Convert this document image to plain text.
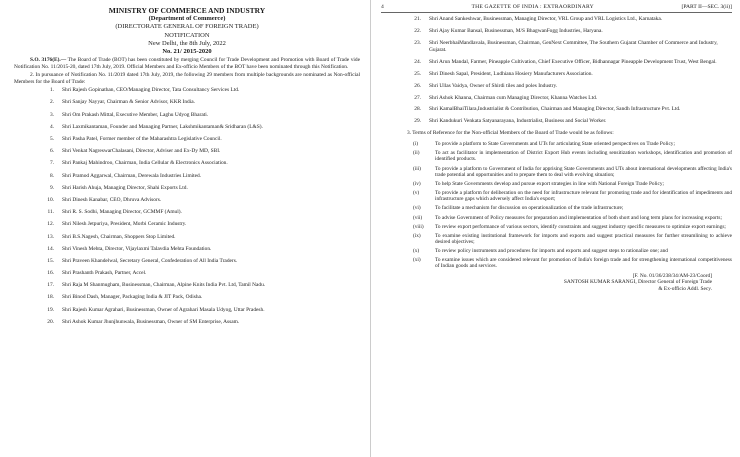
MINISTRY OF COMMERCE AND INDUSTRY
(Department of Commerce)
(DIRECTORATE GENERAL OF FOREIGN TRADE)
NOTIFICATION
New Delhi, the 8th July, 2022
No. 21/ 2015-2020
S.O. 3176(E).— The Board of Trade (BOT) has been constituted by merging Council for Trade Development and Promotion with Board of Trade vide Notification No. 11/2015-20, dated 17th July, 2019. Official Members and Ex-officio Members of the BOT have been nominated through this Notification.
2. In pursuance of Notification No. 11/2019 dated 17th July, 2019, the following 29 members from multiple backgrounds are nominated as Non-official Members for the Board of Trade:
1.	Shri Rajesh Gopinathan, CEO/Managing Director, Tata Consultancy Services Ltd.
2.	Shri Sanjay Nayyar, Chairman & Senior Advisor, KKR India.
3.	Shri Om Prakash Mittal, Executive Member, Laghu Udyog Bharati.
4.	Shri Laxmikantaman, Founder and Managing Partner, Lakshmikantaman& Sridharan (L&S).
5.	Shri Pasha Patel, Former member of the Maharashtra Legislative Council.
6.	Shri Venkat NagreswarChalasani, Director, Adviser and Ex-Dy MD, SBI.
7.	Shri Pankaj Mahindroo, Chairman, India Cellular & Electronics Association.
8.	Shri Pramod Aggarwal, Chairman, Derewala Industries Limited.
9.	Shri Harish Ahuja, Managing Director, Shahi Exports Ltd.
10.	Shri Dinesh Kanabar, CEO, Dhruva Advisors.
11.	Shri R. S. Sodhi, Managing Director, GCMMF (Amul).
12.	Shri Nilesh Jetpuriya, President, Morbi Ceramic Industry.
13.	Shri B.S.Nagesh, Chairman, Shoppers Stop Limited.
14.	Shri Vinesh Mehta, Director, Vijaylaxmi Talavdia Mehta Foundation.
15.	Shri Praveen Khandelwal, Secretary General, Confederation of All India Traders.
16.	Shri Prashanth Prakash, Partner, Accel.
17.	Shri Raja M Shanmugham, Businessman, Chairman, Alpine Knits India Pvt. Ltd, Tamil Nadu.
18.	Shri Binod Dash, Manager, Packaging India & JIT Pack, Odisha.
19.	Shri Rajesh Kumar Agrahari, Businessman, Owner of Agrahari Masala Udyog, Uttar Pradesh.
20.	Shri Ashok Kumar Jhunjhunwala, Businessman, Owner of SM Enterprise, Assam.
4	THE GAZETTE OF INDIA : EXTRAORDINARY	[PART II—SEC. 3(ii)]
21.	Shri Anand Sankeshwar, Businessman, Managing Director, VRL Group and VRL Logistics Ltd., Karnataka.
22.	Shri Ajay Kumar Bansal, Businessman, M/S BhagwanFogg Industries, Haryana.
23.	Shri NeerbhaiMandlavala, Businessman, Chairman, GenNext Committee, The Southern Gujarat Chamber of Commerce and Industry, Gujarat.
24.	Shri Arun Mandal, Farmer, Pineapple Cultivation, Chief Executive Officer, Bidhannagar Pineapple Development Trust, West Bengal.
25.	Shri Dinesh Sapal, President, Ludhiana Hosiery Manufacturers Association.
26.	Shri Ullas Vaidya, Owner of Shirdi tiles and poles Industry.
27.	Shri Ashok Khanna, Chairman cum Managing Director, Khanna Watches Ltd.
28.	Shri KamalBhaiTilara,Industrialist & Contribution, Chairman and Managing Director, Sandh Infrastructure Pvt. Ltd.
29.	Shri Kandukuri Venkata Satyanarayana, Industrialist, Business and Social Worker.
3. Terms of Reference for the Non-official Members of the Board of Trade would be as follows:
(i)	To provide a platform to State Governments and UTs for articulating State oriented perspectives on Trade Policy;
(ii)	To act as facilitator in implementation of District Export Hub events including sensitization workshops, identification and promotion of identified products.
(iii)	To provide a platform to Government of India for apprising State Governments and UTs about international developments affecting India's trade potential and opportunities and to prepare them to deal with evolving situation;
(iv)	To help State Governments develop and pursue export strategies in line with National Foreign Trade Policy;
(v)	To provide a platform for deliberation on the need for infrastructure relevant for promoting trade and for identification of impediments and infrastructure gaps which adversely affect India's export;
(vi)	To facilitate a mechanism for discussion on operationalization of the trade infrastructure;
(vii)	To advise Government of Policy measures for preparation and implementation of both short and long term plans for increasing exports;
(viii)	To review export performance of various sectors, identify constraints and suggest industry specific measures to optimize export earnings;
(ix)	To examine existing institutional framework for imports and exports and suggest practical measures for further streamlining to achieve desired objectives;
(x)	To review policy instruments and procedures for imports and exports and suggest steps to rationalize one; and
(xi)	To examine issues which are considered relevant for promotion of India's foreign trade and for strengthening international competitiveness of Indian goods and services.
[F. No. 01/36/238/34/AM-23/Coord]
SANTOSH KUMAR SARANGI, Director General of Foreign Trade
& Ex-officio Addl. Secy.
